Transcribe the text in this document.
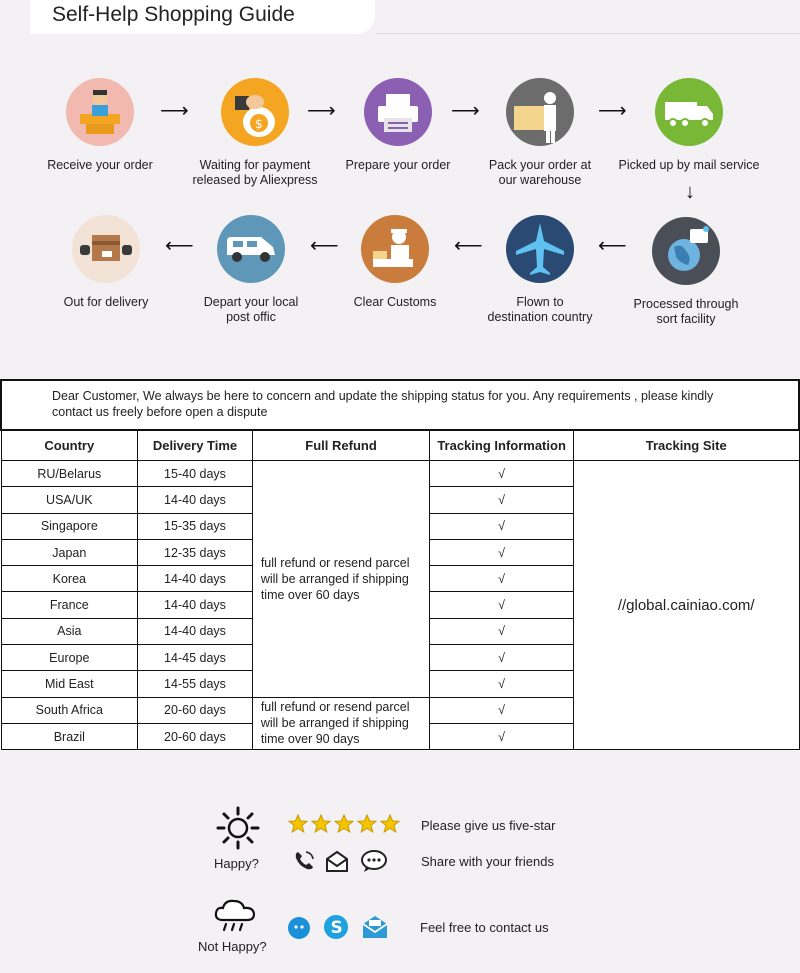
Self-Help Shopping Guide
Receive your order
⟶
$
Waiting for payment
released by Aliexpress
⟶
Prepare your order
⟶
Pack your order at
our warehouse
⟶
Picked up by mail service
↓
Out for delivery
⟵
Depart your local
post offic
⟵
Clear Customs
⟵
Flown to
destination country
⟵
Processed through
sort facility
Dear Customer, We always be here to concern and update the shipping status for you. Any requirements , please kindly contact us freely before open a dispute				
Country	Delivery Time	Full Refund	Tracking Information	Tracking Site
RU/Belarus	15-40 days	full refund or resend parcel will be arranged if shipping time over 60 days	√	//global.cainiao.com/
USA/UK	14-40 days		√	
Singapore	15-35 days		√	
Japan	12-35 days		√	
Korea	14-40 days		√	
France	14-40 days		√	
Asia	14-40 days		√	
Europe	14-45 days		√	
Mid East	14-55 days		√	
South Africa	20-60 days	full refund or resend parcel will be arranged if shipping time over 90 days	√	
Brazil	20-60 days		√	
Happy?
Please give us five-star
Share with your friends
Not Happy?
S	Feel free to contact us
